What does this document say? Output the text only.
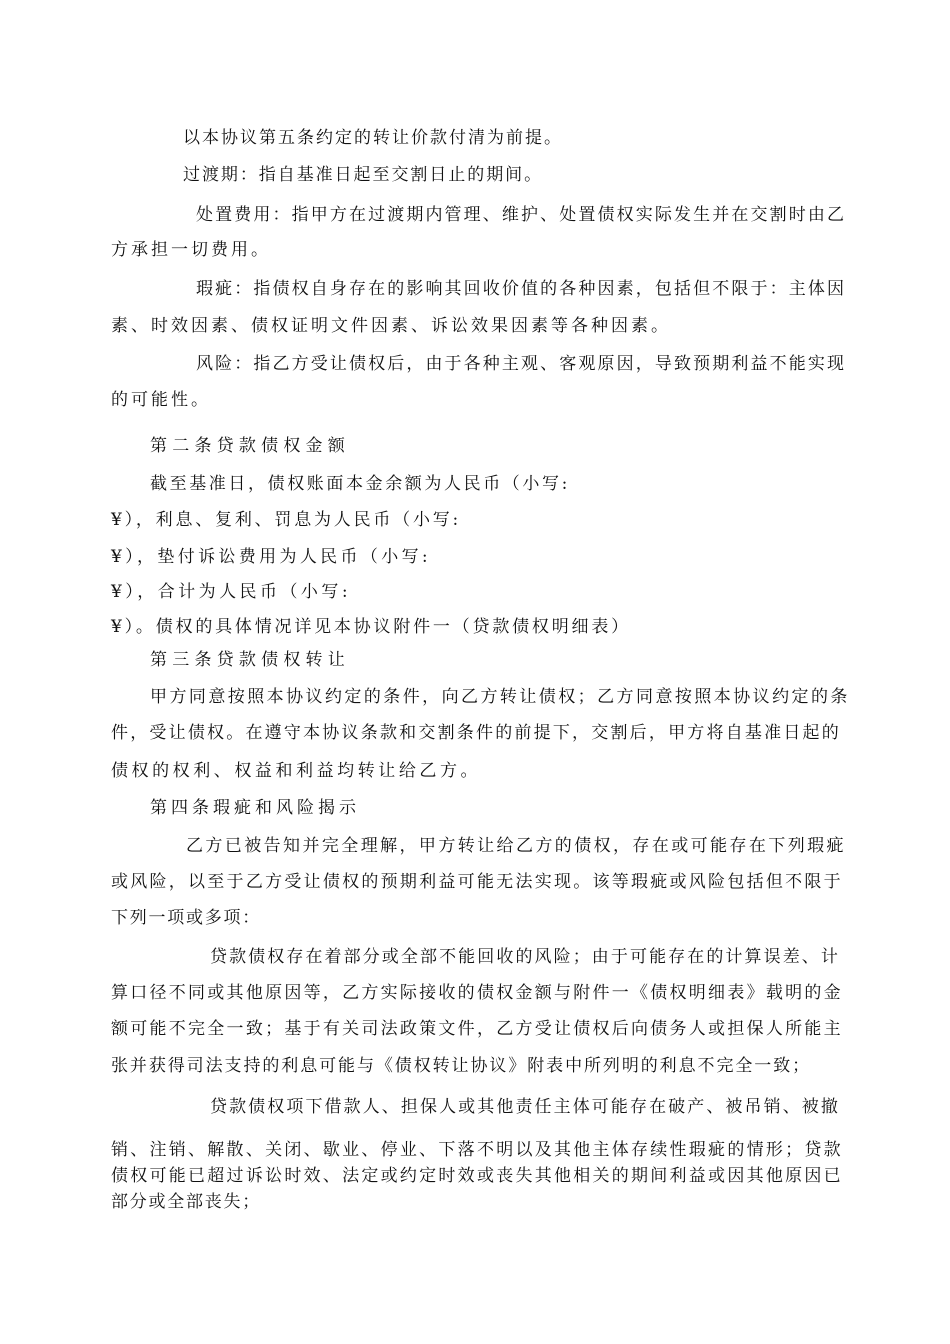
以本协议第五条约定的转让价款付清为前提。

过渡期：指自基准日起至交割日止的期间。

处置费用：指甲方在过渡期内管理、维护、处置债权实际发生并在交割时由乙

方承担一切费用。

瑕疵：指债权自身存在的影响其回收价值的各种因素，包括但不限于：主体因

素、时效因素、债权证明文件因素、诉讼效果因素等各种因素。

风险：指乙方受让债权后，由于各种主观、客观原因，导致预期利益不能实现

的可能性。

第二条贷款债权金额

截至基准日，债权账面本金余额为人民币（小写:

¥），利息、复利、罚息为人民币（小写:

¥），垫付诉讼费用为人民币（小写:

¥），合计为人民币（小写:

¥）。债权的具体情况详见本协议附件一（贷款债权明细表）

第三条贷款债权转让

甲方同意按照本协议约定的条件，向乙方转让债权；乙方同意按照本协议约定的条

件，受让债权。在遵守本协议条款和交割条件的前提下，交割后，甲方将自基准日起的

债权的权利、权益和利益均转让给乙方。

第四条瑕疵和风险揭示

乙方已被告知并完全理解，甲方转让给乙方的债权，存在或可能存在下列瑕疵

或风险，以至于乙方受让债权的预期利益可能无法实现。该等瑕疵或风险包括但不限于

下列一项或多项：

贷款债权存在着部分或全部不能回收的风险；由于可能存在的计算误差、计

算口径不同或其他原因等，乙方实际接收的债权金额与附件一《债权明细表》载明的金

额可能不完全一致；基于有关司法政策文件，乙方受让债权后向债务人或担保人所能主

张并获得司法支持的利息可能与《债权转让协议》附表中所列明的利息不完全一致；

贷款债权项下借款人、担保人或其他责任主体可能存在破产、被吊销、被撤

销、注销、解散、关闭、歇业、停业、下落不明以及其他主体存续性瑕疵的情形；贷款

债权可能已超过诉讼时效、法定或约定时效或丧失其他相关的期间利益或因其他原因已

部分或全部丧失；
